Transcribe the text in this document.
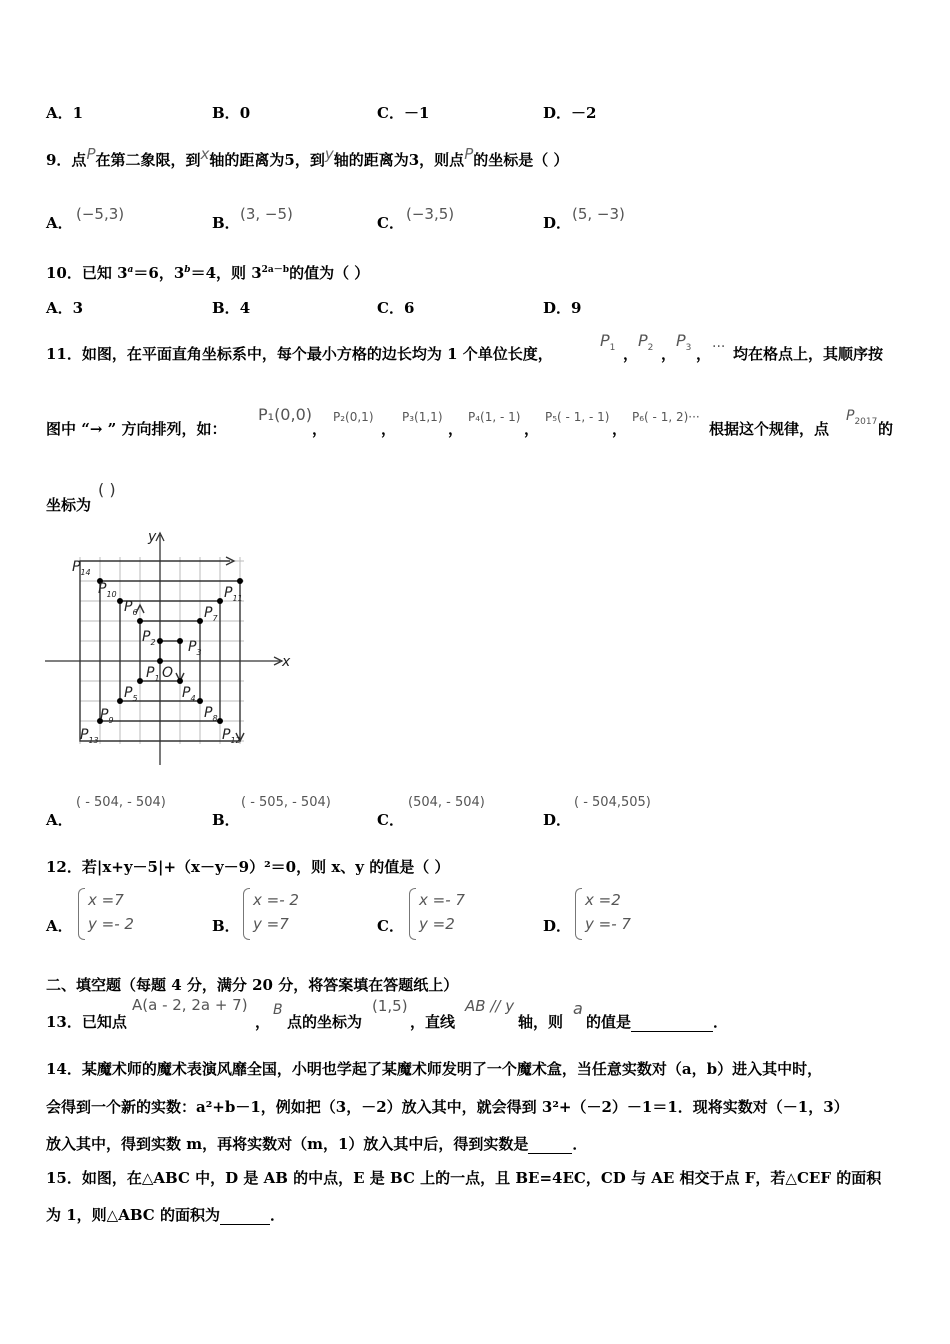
A．1	B．0	C．－1	D．－2
9．点P在第二象限，到x轴的距离为5，到y轴的距离为3，则点P的坐标是（ ）
A． (−5,3)	B． (3, −5)	C． (−3,5)	D． (5, −3)
10．已知 $3^a=6$，$3^b=4$，则 $3^{2a-b}$的值为（ ）
A．3	B．4	C．6	D．9
11．如图，在平面直角坐标系中，每个最小方格的边长均为 1 个单位长度，
$P_1$ ，
$P_2$ ，
$P_3$ ， ··· 均在格点上，其顺序按
图中 “→ ” 方向排列，如：
P₁(0,0)
，
P₂(0,1)
，
P₃(1,1)
，
P₄(1, - 1)
，
P₅( - 1, - 1)
，
P₆( - 1, 2)···
根据这个规律，点
$P_{2017}$ 的
坐标为
( )
y
x
O
$P_{14}$
$P_{10}$	$P_{11}$
$P_6$	$P_7$
$P_2$ $P_3$
$P_1$
$P_5$	$P_4$
$P_9$	$P_8$
$P_{13}$	$P_{12}$
A．
( - 504, - 504)
B．
( - 505, - 504)
C．
(504, - 504)
D．
( - 504,505)
12．若|x+y－5|+（x－y－9）²＝0，则 x、y 的值是（ ）
A．
x =7
y =- 2	B．
x =- 2
y =7	C．
x =- 7
y =2	D．
x =2
y =- 7
二、填空题（每题 4 分，满分 20 分，将答案填在答题纸上）
13．已知点
A(a - 2, 2a + 7)
，
B
点的坐标为
(1,5)
，直线
AB // y
轴，则
a
的值是	．
14．某魔术师的魔术表演风靡全国，小明也学起了某魔术师发明了一个魔术盒，当任意实数对（a，b）进入其中时，
会得到一个新的实数：a²+b－1，例如把（3，－2）放入其中，就会得到 3²+（－2）－1＝1．现将实数对（－1，3）
放入其中，得到实数 m，再将实数对（m，1）放入其中后，得到实数是	．
15．如图，在△ABC 中，D 是 AB 的中点，E 是 BC 上的一点，且 BE=4EC，CD 与 AE 相交于点 F，若△CEF 的面积
为 1，则△ABC 的面积为	．
